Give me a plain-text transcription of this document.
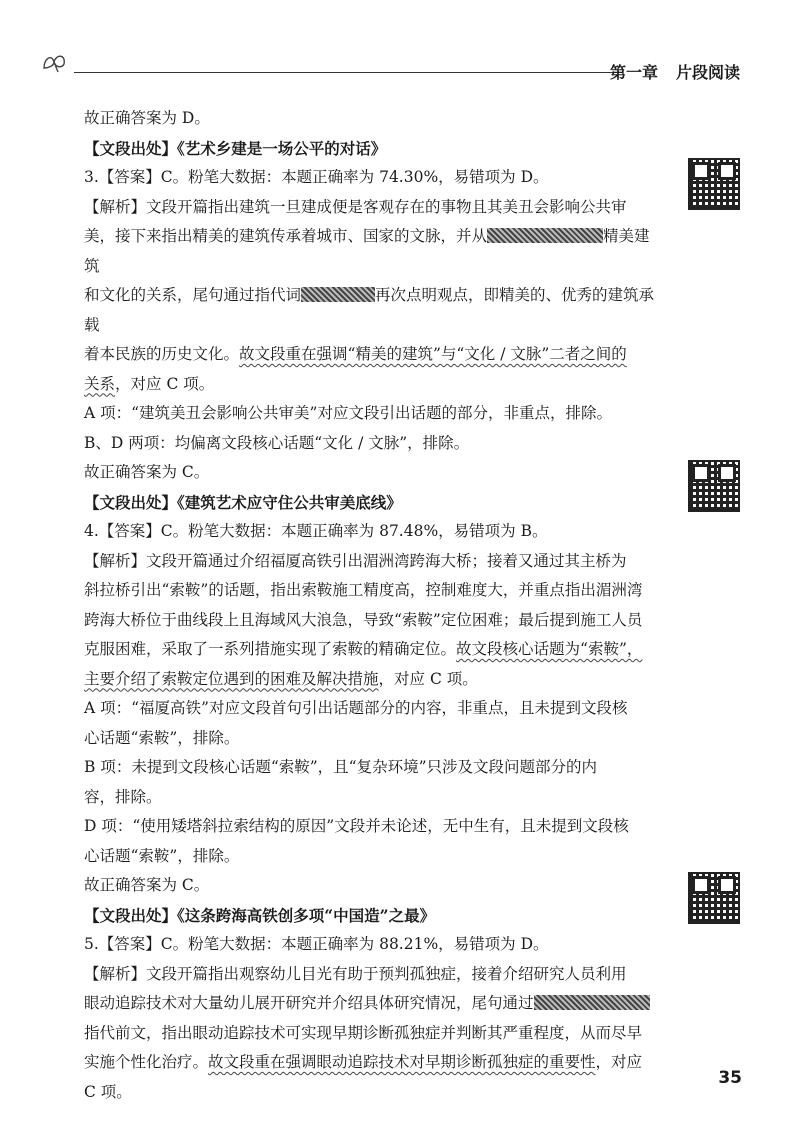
第一章 片段阅读

故正确答案为 D。

【文段出处】《艺术乡建是一场公平的对话》

3.【答案】C。粉笔大数据：本题正确率为 74.30%，易错项为 D。

【解析】文段开篇指出建筑一旦建成便是客观存在的事物且其美丑会影响公共审

美，接下来指出精美的建筑传承着城市、国家的文脉，并从	精美建筑

和文化的关系，尾句通过指代词	再次点明观点，即精美的、优秀的建筑承载

着本民族的历史文化。故文段重在强调“精美的建筑”与“文化 / 文脉”二者之间的

关系，对应 C 项。

A 项：“建筑美丑会影响公共审美”对应文段引出话题的部分，非重点，排除。

B、D 两项：均偏离文段核心话题“文化 / 文脉”，排除。

故正确答案为 C。

【文段出处】《建筑艺术应守住公共审美底线》

4.【答案】C。粉笔大数据：本题正确率为 87.48%，易错项为 B。

【解析】文段开篇通过介绍福厦高铁引出湄洲湾跨海大桥；接着又通过其主桥为

斜拉桥引出“索鞍”的话题，指出索鞍施工精度高，控制难度大，并重点指出湄洲湾

跨海大桥位于曲线段上且海域风大浪急，导致“索鞍”定位困难；最后提到施工人员

克服困难，采取了一系列措施实现了索鞍的精确定位。故文段核心话题为“索鞍”，

主要介绍了索鞍定位遇到的困难及解决措施，对应 C 项。

A 项：“福厦高铁”对应文段首句引出话题部分的内容，非重点，且未提到文段核

心话题“索鞍”，排除。

B 项：未提到文段核心话题“索鞍”，且“复杂环境”只涉及文段问题部分的内

容，排除。

D 项：“使用矮塔斜拉索结构的原因”文段并未论述，无中生有，且未提到文段核

心话题“索鞍”，排除。

故正确答案为 C。

【文段出处】《这条跨海高铁创多项“中国造”之最》

5.【答案】C。粉笔大数据：本题正确率为 88.21%，易错项为 D。

【解析】文段开篇指出观察幼儿目光有助于预判孤独症，接着介绍研究人员利用

眼动追踪技术对大量幼儿展开研究并介绍具体研究情况，尾句通过

指代前文，指出眼动追踪技术可实现早期诊断孤独症并判断其严重程度，从而尽早

实施个性化治疗。故文段重在强调眼动追踪技术对早期诊断孤独症的重要性，对应

C 项。

35
